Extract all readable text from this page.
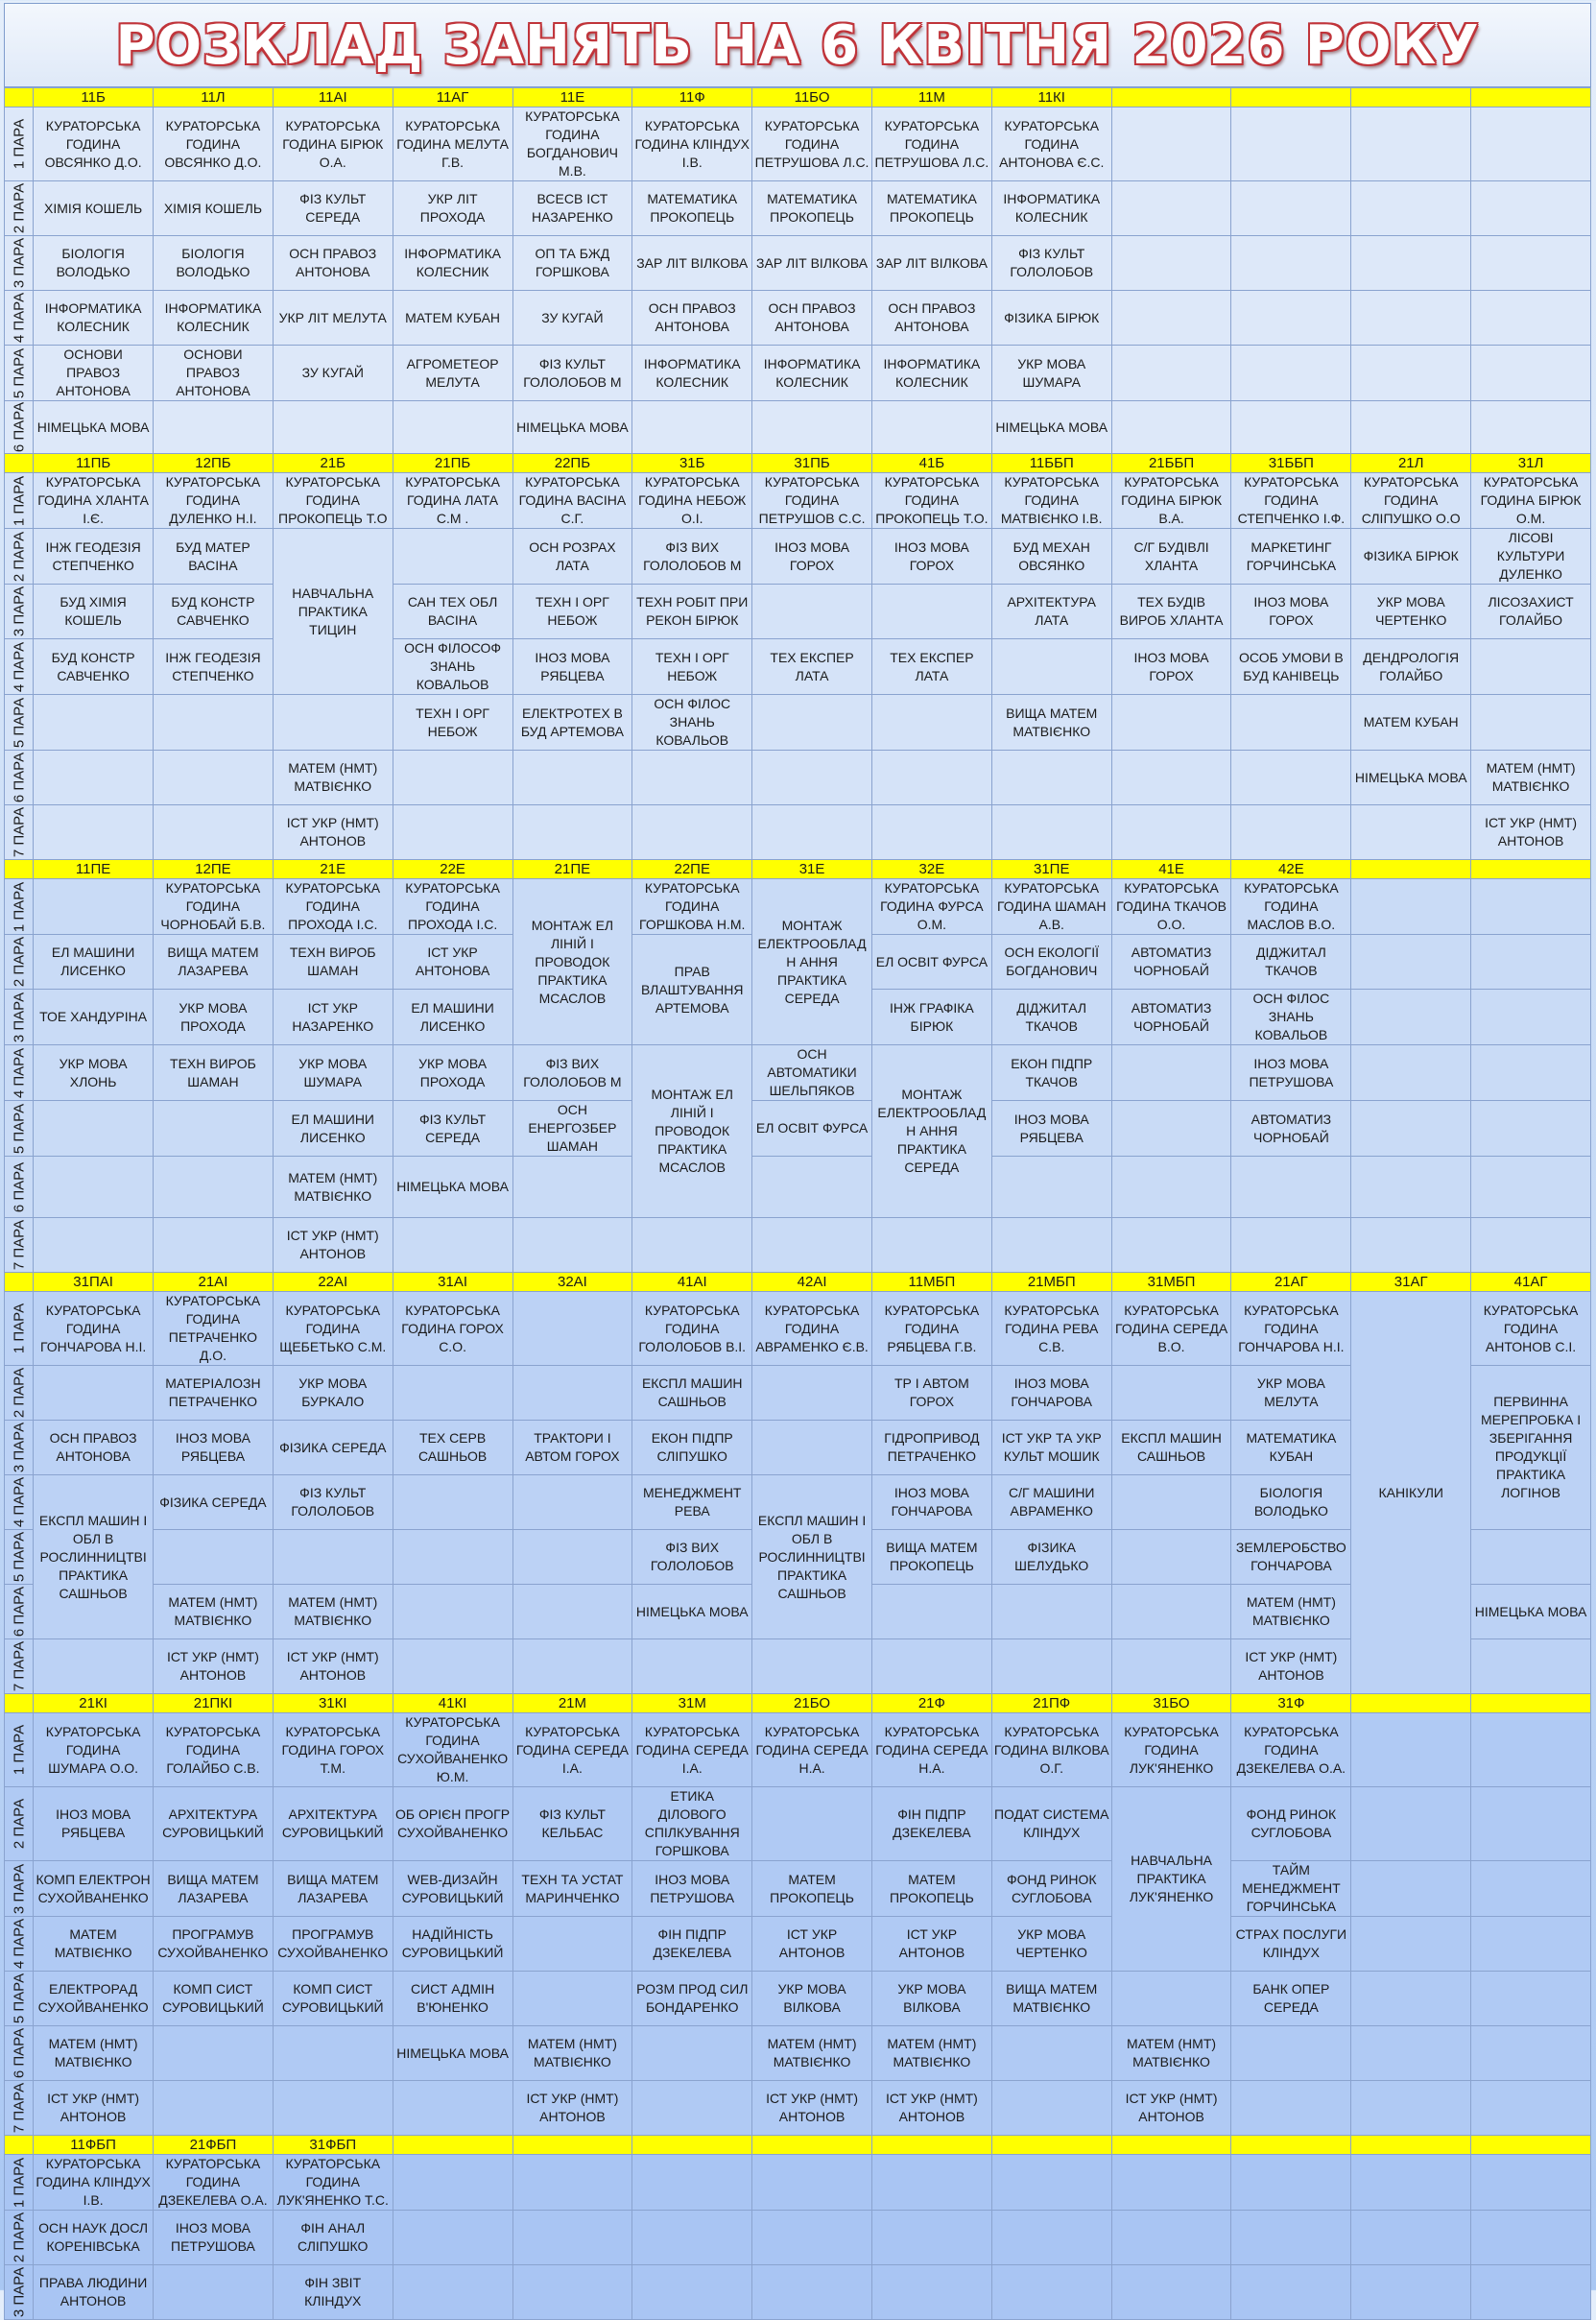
РОЗКЛАД ЗАНЯТЬ НА 6 КВІТНЯ 2026 РОКУ
	11Б	11Л	11АІ	11АГ	11Е	11Ф	11БО	11М	11КІ				

1 ПАРА	КУРАТОРСЬКА ГОДИНА ОВСЯНКО Д.О.	КУРАТОРСЬКА ГОДИНА ОВСЯНКО Д.О.	КУРАТОРСЬКА ГОДИНА БІРЮК О.А.	КУРАТОРСЬКА ГОДИНА МЕЛУТА Г.В.	КУРАТОРСЬКА ГОДИНА БОГДАНОВИЧ М.В.	КУРАТОРСЬКА ГОДИНА КЛІНДУХ І.В.	КУРАТОРСЬКА ГОДИНА ПЕТРУШОВА Л.С.	КУРАТОРСЬКА ГОДИНА ПЕТРУШОВА Л.С.	КУРАТОРСЬКА ГОДИНА АНТОНОВА Є.С.				

2 ПАРА	ХІМІЯ КОШЕЛЬ	ХІМІЯ КОШЕЛЬ	ФІЗ КУЛЬТ СЕРЕДА	УКР ЛІТ ПРОХОДА	ВСЕСВ ІСТ НАЗАРЕНКО	МАТЕМАТИКА ПРОКОПЕЦЬ	МАТЕМАТИКА ПРОКОПЕЦЬ	МАТЕМАТИКА ПРОКОПЕЦЬ	ІНФОРМАТИКА КОЛЕСНИК				

3 ПАРА	БІОЛОГІЯ ВОЛОДЬКО	БІОЛОГІЯ ВОЛОДЬКО	ОСН ПРАВОЗ АНТОНОВА	ІНФОРМАТИКА КОЛЕСНИК	ОП ТА БЖД ГОРШКОВА	ЗАР ЛІТ ВІЛКОВА	ЗАР ЛІТ ВІЛКОВА	ЗАР ЛІТ ВІЛКОВА	ФІЗ КУЛЬТ ГОЛОЛОБОВ				

4 ПАРА	ІНФОРМАТИКА КОЛЕСНИК	ІНФОРМАТИКА КОЛЕСНИК	УКР ЛІТ МЕЛУТА	МАТЕМ КУБАН	ЗУ КУГАЙ	ОСН ПРАВОЗ АНТОНОВА	ОСН ПРАВОЗ АНТОНОВА	ОСН ПРАВОЗ АНТОНОВА	ФІЗИКА БІРЮК				

5 ПАРА	ОСНОВИ ПРАВОЗ АНТОНОВА	ОСНОВИ ПРАВОЗ АНТОНОВА	ЗУ КУГАЙ	АГРОМЕТЕОР МЕЛУТА	ФІЗ КУЛЬТ ГОЛОЛОБОВ М	ІНФОРМАТИКА КОЛЕСНИК	ІНФОРМАТИКА КОЛЕСНИК	ІНФОРМАТИКА КОЛЕСНИК	УКР МОВА ШУМАРА				

6 ПАРА	НІМЕЦЬКА МОВА				НІМЕЦЬКА МОВА				НІМЕЦЬКА МОВА				
	11ПБ	12ПБ	21Б	21ПБ	22ПБ	31Б	31ПБ	41Б	11ББП	21ББП	31ББП	21Л	31Л

1 ПАРА	КУРАТОРСЬКА ГОДИНА ХЛАНТА І.Є.	КУРАТОРСЬКА ГОДИНА ДУЛЕНКО Н.І.	КУРАТОРСЬКА ГОДИНА ПРОКОПЕЦЬ Т.О	КУРАТОРСЬКА ГОДИНА ЛАТА С.М .	КУРАТОРСЬКА ГОДИНА ВАСІНА С.Г.	КУРАТОРСЬКА ГОДИНА НЕБОЖ О.І.	КУРАТОРСЬКА ГОДИНА ПЕТРУШОВ С.С.	КУРАТОРСЬКА ГОДИНА ПРОКОПЕЦЬ Т.О.	КУРАТОРСЬКА ГОДИНА МАТВІЄНКО І.В.	КУРАТОРСЬКА ГОДИНА БІРЮК В.А.	КУРАТОРСЬКА ГОДИНА СТЕПЧЕНКО І.Ф.	КУРАТОРСЬКА ГОДИНА СЛІПУШКО О.О	КУРАТОРСЬКА ГОДИНА БІРЮК О.М.

2 ПАРА	ІНЖ ГЕОДЕЗІЯ СТЕПЧЕНКО	БУД МАТЕР ВАСІНА	НАВЧАЛЬНА ПРАКТИКА ТИЦИН		ОСН РОЗРАХ ЛАТА	ФІЗ ВИХ ГОЛОЛОБОВ М	ІНОЗ МОВА ГОРОХ	ІНОЗ МОВА ГОРОХ	БУД МЕХАН ОВСЯНКО	С/Г БУДІВЛІ ХЛАНТА	МАРКЕТИНГ ГОРЧИНСЬКА	ФІЗИКА БІРЮК	ЛІСОВІ КУЛЬТУРИ ДУЛЕНКО

3 ПАРА	БУД ХІМІЯ КОШЕЛЬ	БУД КОНСТР САВЧЕНКО		САН ТЕХ ОБЛ ВАСІНА	ТЕХН І ОРГ НЕБОЖ	ТЕХН РОБІТ ПРИ РЕКОН БІРЮК			АРХІТЕКТУРА ЛАТА	ТЕХ БУДІВ ВИРОБ ХЛАНТА	ІНОЗ МОВА ГОРОХ	УКР МОВА ЧЕРТЕНКО	ЛІСОЗАХИСТ ГОЛАЙБО

4 ПАРА	БУД КОНСТР САВЧЕНКО	ІНЖ ГЕОДЕЗІЯ СТЕПЧЕНКО		ОСН ФІЛОСОФ ЗНАНЬ КОВАЛЬОВ	ІНОЗ МОВА РЯБЦЕВА	ТЕХН І ОРГ НЕБОЖ	ТЕХ ЕКСПЕР ЛАТА	ТЕХ ЕКСПЕР ЛАТА		ІНОЗ МОВА ГОРОХ	ОСОБ УМОВИ В БУД КАНІВЕЦЬ	ДЕНДРОЛОГІЯ ГОЛАЙБО	

5 ПАРА				ТЕХН І ОРГ НЕБОЖ	ЕЛЕКТРОТЕХ В БУД АРТЕМОВА	ОСН ФІЛОС ЗНАНЬ КОВАЛЬОВ			ВИЩА МАТЕМ МАТВІЄНКО			МАТЕМ КУБАН	

6 ПАРА			МАТЕМ (НМТ) МАТВІЄНКО									НІМЕЦЬКА МОВА	МАТЕМ (НМТ) МАТВІЄНКО

7 ПАРА			ІСТ УКР (НМТ) АНТОНОВ										ІСТ УКР (НМТ) АНТОНОВ
	11ПЕ	12ПЕ	21Е	22Е	21ПЕ	22ПЕ	31Е	32Е	31ПЕ	41Е	42Е		

1 ПАРА		КУРАТОРСЬКА ГОДИНА ЧОРНОБАЙ Б.В.	КУРАТОРСЬКА ГОДИНА ПРОХОДА І.С.	КУРАТОРСЬКА ГОДИНА ПРОХОДА І.С.	МОНТАЖ ЕЛ ЛІНІЙ І ПРОВОДОК ПРАКТИКА МСАСЛОВ	КУРАТОРСЬКА ГОДИНА ГОРШКОВА Н.М.	МОНТАЖ ЕЛЕКТРООБЛАДН АННЯ ПРАКТИКА СЕРЕДА	КУРАТОРСЬКА ГОДИНА ФУРСА О.М.	КУРАТОРСЬКА ГОДИНА ШАМАН А.В.	КУРАТОРСЬКА ГОДИНА ТКАЧОВ О.О.	КУРАТОРСЬКА ГОДИНА МАСЛОВ В.О.		

2 ПАРА	ЕЛ МАШИНИ ЛИСЕНКО	ВИЩА МАТЕМ ЛАЗАРЕВА	ТЕХН ВИРОБ ШАМАН	ІСТ УКР АНТОНОВА		ПРАВ ВЛАШТУВАННЯ АРТЕМОВА		ЕЛ ОСВІТ ФУРСА	ОСН ЕКОЛОГІЇ БОГДАНОВИЧ	АВТОМАТИЗ ЧОРНОБАЙ	ДІДЖИТАЛ ТКАЧОВ		

3 ПАРА	ТОЕ ХАНДУРІНА	УКР МОВА ПРОХОДА	ІСТ УКР НАЗАРЕНКО	ЕЛ МАШИНИ ЛИСЕНКО				ІНЖ ГРАФІКА БІРЮК	ДІДЖИТАЛ ТКАЧОВ	АВТОМАТИЗ ЧОРНОБАЙ	ОСН ФІЛОС ЗНАНЬ КОВАЛЬОВ		

4 ПАРА	УКР МОВА ХЛОНЬ	ТЕХН ВИРОБ ШАМАН	УКР МОВА ШУМАРА	УКР МОВА ПРОХОДА	ФІЗ ВИХ ГОЛОЛОБОВ М	МОНТАЖ ЕЛ ЛІНІЙ І ПРОВОДОК ПРАКТИКА МСАСЛОВ	ОСН АВТОМАТИКИ ШЕЛЬПЯКОВ	МОНТАЖ ЕЛЕКТРООБЛАДН АННЯ ПРАКТИКА СЕРЕДА	ЕКОН ПІДПР ТКАЧОВ		ІНОЗ МОВА ПЕТРУШОВА		

5 ПАРА			ЕЛ МАШИНИ ЛИСЕНКО	ФІЗ КУЛЬТ СЕРЕДА	ОСН ЕНЕРГОЗБЕР ШАМАН		ЕЛ ОСВІТ ФУРСА		ІНОЗ МОВА РЯБЦЕВА		АВТОМАТИЗ ЧОРНОБАЙ		

6 ПАРА			МАТЕМ (НМТ) МАТВІЄНКО	НІМЕЦЬКА МОВА									

7 ПАРА			ІСТ УКР (НМТ) АНТОНОВ										
	31ПАІ	21АІ	22АІ	31АІ	32АІ	41АІ	42АІ	11МБП	21МБП	31МБП	21АГ	31АГ	41АГ

1 ПАРА	КУРАТОРСЬКА ГОДИНА ГОНЧАРОВА Н.І.	КУРАТОРСЬКА ГОДИНА ПЕТРАЧЕНКО Д.О.	КУРАТОРСЬКА ГОДИНА ЩЕБЕТЬКО С.М.	КУРАТОРСЬКА ГОДИНА ГОРОХ С.О.		КУРАТОРСЬКА ГОДИНА ГОЛОЛОБОВ В.І.	КУРАТОРСЬКА ГОДИНА АВРАМЕНКО Є.В.	КУРАТОРСЬКА ГОДИНА РЯБЦЕВА Г.В.	КУРАТОРСЬКА ГОДИНА РЕВА С.В.	КУРАТОРСЬКА ГОДИНА СЕРЕДА В.О.	КУРАТОРСЬКА ГОДИНА ГОНЧАРОВА Н.І.	КАНІКУЛИ	КУРАТОРСЬКА ГОДИНА АНТОНОВ С.І.

2 ПАРА		МАТЕРІАЛОЗН ПЕТРАЧЕНКО	УКР МОВА БУРКАЛО			ЕКСПЛ МАШИН САШНЬОВ		ТР І АВТОМ ГОРОХ	ІНОЗ МОВА ГОНЧАРОВА		УКР МОВА МЕЛУТА		ПЕРВИННА МЕРЕПРОБКА І ЗБЕРІГАННЯ ПРОДУКЦІЇ ПРАКТИКА ЛОГІНОВ

3 ПАРА	ОСН ПРАВОЗ АНТОНОВА	ІНОЗ МОВА РЯБЦЕВА	ФІЗИКА СЕРЕДА	ТЕХ СЕРВ САШНЬОВ	ТРАКТОРИ І АВТОМ ГОРОХ	ЕКОН ПІДПР СЛІПУШКО		ГІДРОПРИВОД ПЕТРАЧЕНКО	ІСТ УКР ТА УКР КУЛЬТ МОШИК	ЕКСПЛ МАШИН САШНЬОВ	МАТЕМАТИКА КУБАН		

4 ПАРА	ЕКСПЛ МАШИН І ОБЛ В РОСЛИННИЦТВІ ПРАКТИКА САШНЬОВ	ФІЗИКА СЕРЕДА	ФІЗ КУЛЬТ ГОЛОЛОБОВ			МЕНЕДЖМЕНТ РЕВА	ЕКСПЛ МАШИН І ОБЛ В РОСЛИННИЦТВІ ПРАКТИКА САШНЬОВ	ІНОЗ МОВА ГОНЧАРОВА	С/Г МАШИНИ АВРАМЕНКО		БІОЛОГІЯ ВОЛОДЬКО		

5 ПАРА						ФІЗ ВИХ ГОЛОЛОБОВ		ВИЩА МАТЕМ ПРОКОПЕЦЬ	ФІЗИКА ШЕЛУДЬКО		ЗЕМЛЕРОБСТВО ГОНЧАРОВА		

6 ПАРА		МАТЕМ (НМТ) МАТВІЄНКО	МАТЕМ (НМТ) МАТВІЄНКО			НІМЕЦЬКА МОВА					МАТЕМ (НМТ) МАТВІЄНКО		НІМЕЦЬКА МОВА

7 ПАРА		ІСТ УКР (НМТ) АНТОНОВ	ІСТ УКР (НМТ) АНТОНОВ								ІСТ УКР (НМТ) АНТОНОВ		
	21КІ	21ПКІ	31КІ	41КІ	21М	31М	21БО	21Ф	21ПФ	31БО	31Ф		

1 ПАРА	КУРАТОРСЬКА ГОДИНА ШУМАРА О.О.	КУРАТОРСЬКА ГОДИНА ГОЛАЙБО С.В.	КУРАТОРСЬКА ГОДИНА ГОРОХ Т.М.	КУРАТОРСЬКА ГОДИНА СУХОЙВАНЕНКО Ю.М.	КУРАТОРСЬКА ГОДИНА СЕРЕДА І.А.	КУРАТОРСЬКА ГОДИНА СЕРЕДА І.А.	КУРАТОРСЬКА ГОДИНА СЕРЕДА Н.А.	КУРАТОРСЬКА ГОДИНА СЕРЕДА Н.А.	КУРАТОРСЬКА ГОДИНА ВІЛКОВА О.Г.	КУРАТОРСЬКА ГОДИНА ЛУК'ЯНЕНКО	КУРАТОРСЬКА ГОДИНА ДЗЕКЕЛЕВА О.А.		

2 ПАРА	ІНОЗ МОВА РЯБЦЕВА	АРХІТЕКТУРА СУРОВИЦЬКИЙ	АРХІТЕКТУРА СУРОВИЦЬКИЙ	ОБ ОРІЄН ПРОГР СУХОЙВАНЕНКО	ФІЗ КУЛЬТ КЕЛЬБАС	ЕТИКА ДІЛОВОГО СПІЛКУВАННЯ ГОРШКОВА		ФІН ПІДПР ДЗЕКЕЛЕВА	ПОДАТ СИСТЕМА КЛІНДУХ	НАВЧАЛЬНА ПРАКТИКА ЛУК'ЯНЕНКО	ФОНД РИНОК СУГЛОБОВА		

3 ПАРА	КОМП ЕЛЕКТРОН СУХОЙВАНЕНКО	ВИЩА МАТЕМ ЛАЗАРЕВА	ВИЩА МАТЕМ ЛАЗАРЕВА	WEB-ДИЗАЙН СУРОВИЦЬКИЙ	ТЕХН ТА УСТАТ МАРИНЧЕНКО	ІНОЗ МОВА ПЕТРУШОВА	МАТЕМ ПРОКОПЕЦЬ	МАТЕМ ПРОКОПЕЦЬ	ФОНД РИНОК СУГЛОБОВА		ТАЙМ МЕНЕДЖМЕНТ ГОРЧИНСЬКА		

4 ПАРА	МАТЕМ МАТВІЄНКО	ПРОГРАМУВ СУХОЙВАНЕНКО	ПРОГРАМУВ СУХОЙВАНЕНКО	НАДІЙНІСТЬ СУРОВИЦЬКИЙ		ФІН ПІДПР ДЗЕКЕЛЕВА	ІСТ УКР АНТОНОВ	ІСТ УКР АНТОНОВ	УКР МОВА ЧЕРТЕНКО		СТРАХ ПОСЛУГИ КЛІНДУХ		

5 ПАРА	ЕЛЕКТРОРАД СУХОЙВАНЕНКО	КОМП СИСТ СУРОВИЦЬКИЙ	КОМП СИСТ СУРОВИЦЬКИЙ	СИСТ АДМІН В'ЮНЕНКО		РОЗМ ПРОД СИЛ БОНДАРЕНКО	УКР МОВА ВІЛКОВА	УКР МОВА ВІЛКОВА	ВИЩА МАТЕМ МАТВІЄНКО		БАНК ОПЕР СЕРЕДА		

6 ПАРА	МАТЕМ (НМТ) МАТВІЄНКО			НІМЕЦЬКА МОВА	МАТЕМ (НМТ) МАТВІЄНКО		МАТЕМ (НМТ) МАТВІЄНКО	МАТЕМ (НМТ) МАТВІЄНКО		МАТЕМ (НМТ) МАТВІЄНКО			

7 ПАРА	ІСТ УКР (НМТ) АНТОНОВ				ІСТ УКР (НМТ) АНТОНОВ		ІСТ УКР (НМТ) АНТОНОВ	ІСТ УКР (НМТ) АНТОНОВ		ІСТ УКР (НМТ) АНТОНОВ			
	11ФБП	21ФБП	31ФБП										

1 ПАРА	КУРАТОРСЬКА ГОДИНА КЛІНДУХ І.В.	КУРАТОРСЬКА ГОДИНА ДЗЕКЕЛЕВА О.А.	КУРАТОРСЬКА ГОДИНА ЛУК'ЯНЕНКО Т.С.										

2 ПАРА	ОСН НАУК ДОСЛ КОРЕНІВСЬКА	ІНОЗ МОВА ПЕТРУШОВА	ФІН АНАЛ СЛІПУШКО										

3 ПАРА	ПРАВА ЛЮДИНИ АНТОНОВ		ФІН ЗВІТ КЛІНДУХ										
